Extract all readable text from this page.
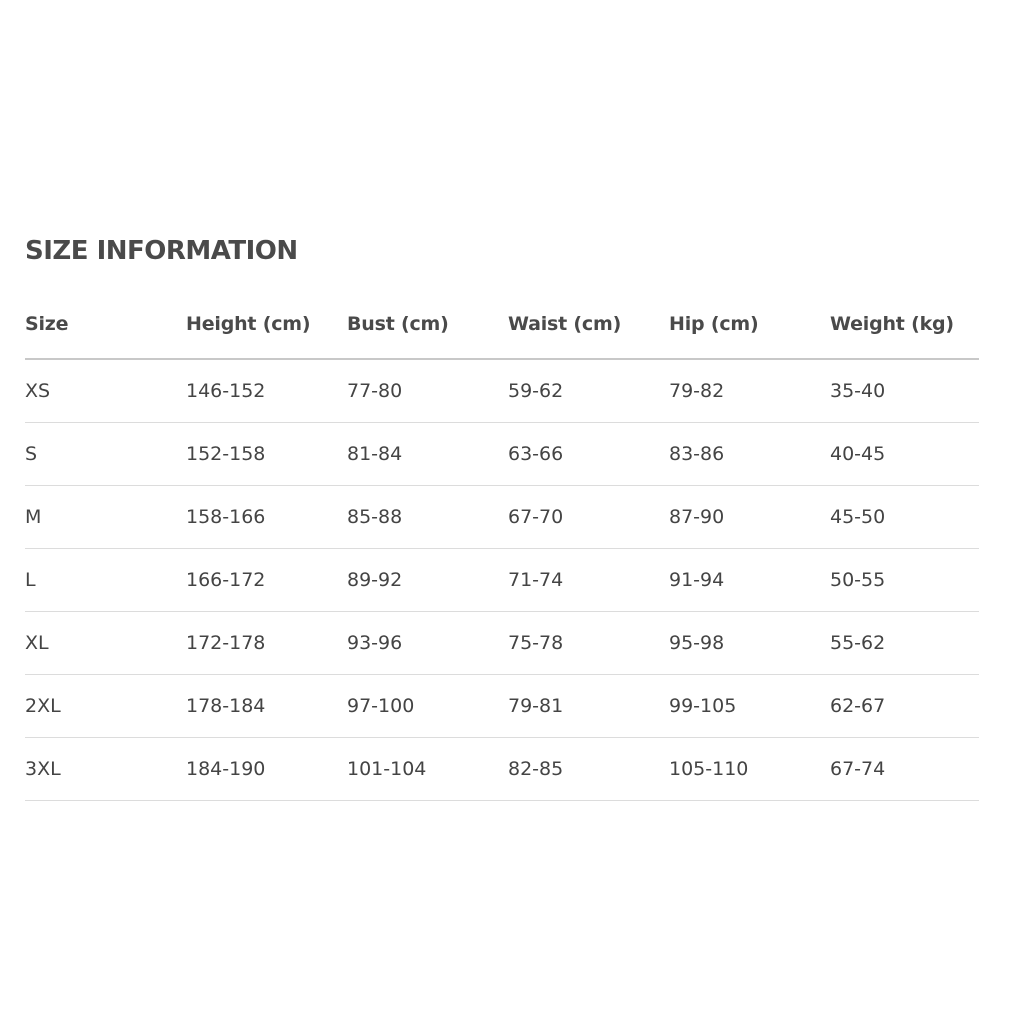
SIZE INFORMATION
Size	Height (cm)	Bust (cm)	Waist (cm)	Hip (cm)	Weight (kg)
XS	146-152	77-80	59-62	79-82	35-40
S	152-158	81-84	63-66	83-86	40-45
M	158-166	85-88	67-70	87-90	45-50
L	166-172	89-92	71-74	91-94	50-55
XL	172-178	93-96	75-78	95-98	55-62
2XL	178-184	97-100	79-81	99-105	62-67
3XL	184-190	101-104	82-85	105-110	67-74
